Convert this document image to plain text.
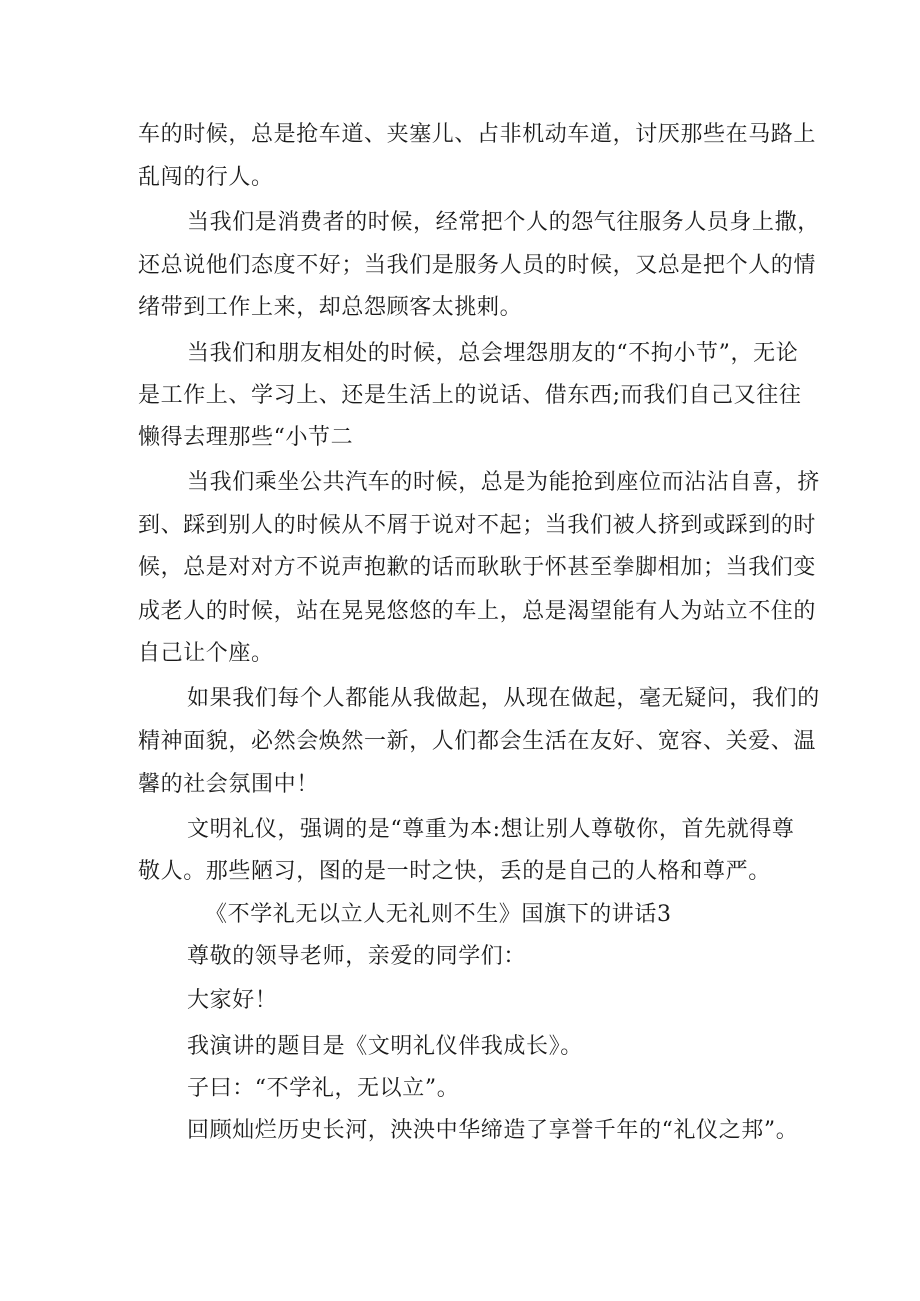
车的时候，总是抢车道、夹塞儿、占非机动车道，讨厌那些在马路上
乱闯的行人。
当我们是消费者的时候，经常把个人的怨气往服务人员身上撒，
还总说他们态度不好；当我们是服务人员的时候，又总是把个人的情
绪带到工作上来，却总怨顾客太挑剌。
当我们和朋友相处的时候，总会埋怨朋友的“不拘小节”，无论
是工作上、学习上、还是生活上的说话、借东西;而我们自己又往往
懒得去理那些“小节二
当我们乘坐公共汽车的时候，总是为能抢到座位而沾沾自喜，挤
到、踩到别人的时候从不屑于说对不起；当我们被人挤到或踩到的时
候，总是对对方不说声抱歉的话而耿耿于怀甚至拳脚相加；当我们变
成老人的时候，站在晃晃悠悠的车上，总是渴望能有人为站立不住的
自己让个座。
如果我们每个人都能从我做起，从现在做起，毫无疑问，我们的
精神面貌，必然会焕然一新，人们都会生活在友好、宽容、关爱、温
馨的社会氛围中！
文明礼仪，强调的是“尊重为本:想让别人尊敬你，首先就得尊
敬人。那些陋习，图的是一时之快，丢的是自己的人格和尊严。
《不学礼无以立人无礼则不生》国旗下的讲话3
尊敬的领导老师，亲爱的同学们：
大家好！
我演讲的题目是《文明礼仪伴我成长》。
子曰：“不学礼，无以立”。
回顾灿烂历史长河，泱泱中华缔造了享誉千年的“礼仪之邦”。
